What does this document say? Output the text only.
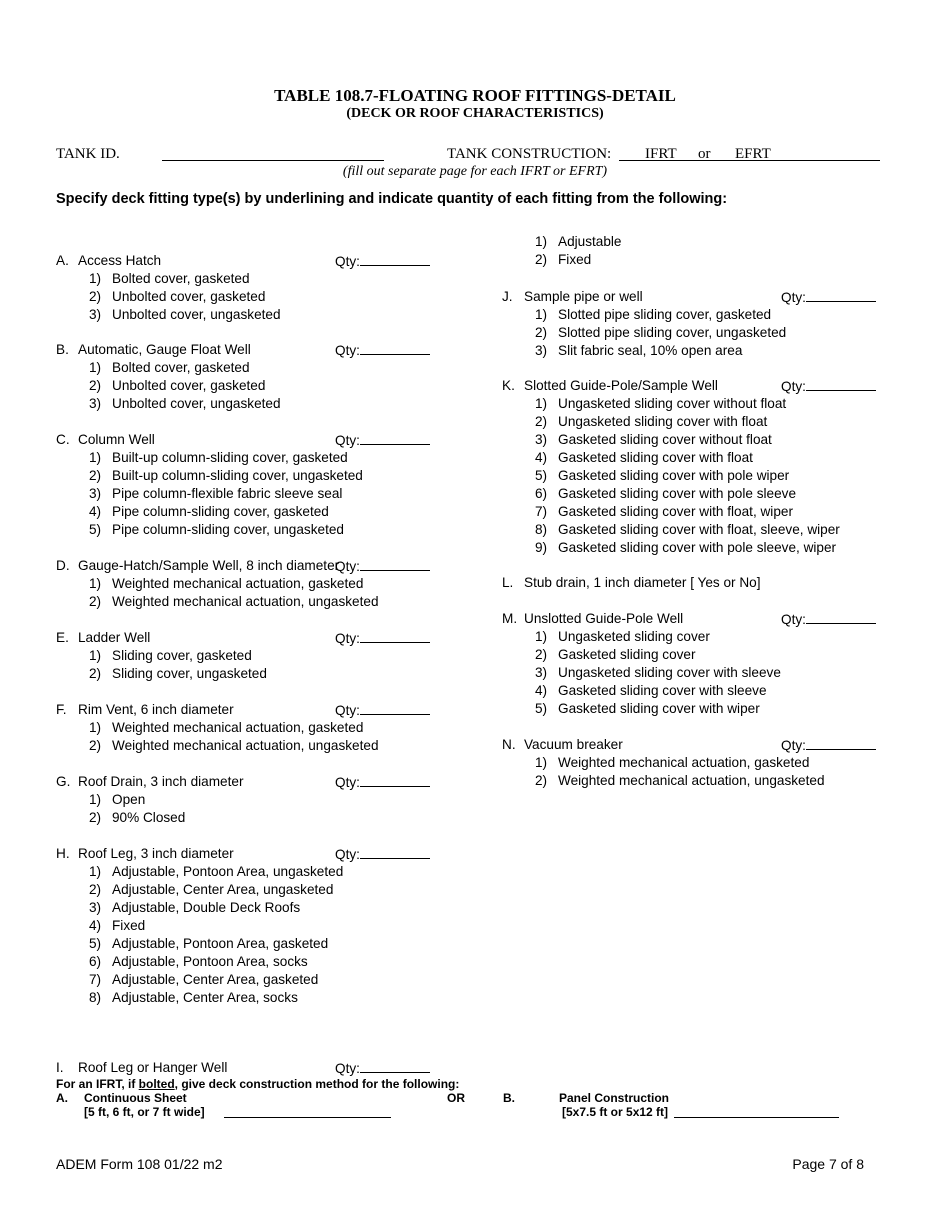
TABLE 108.7-FLOATING ROOF FITTINGS-DETAIL
(DECK OR ROOF CHARACTERISTICS)
TANK ID.	TANK CONSTRUCTION: IFRT or EFRT
(fill out separate page for each IFRT or EFRT)
Specify deck fitting type(s) by underlining and indicate quantity of each fitting from the following:
A. Access Hatch	Qty:
1) Bolted cover, gasketed
2) Unbolted cover, gasketed
3) Unbolted cover, ungasketed
B. Automatic, Gauge Float Well	Qty:
1) Bolted cover, gasketed
2) Unbolted cover, gasketed
3) Unbolted cover, ungasketed
C. Column Well	Qty:
1) Built-up column-sliding cover, gasketed
2) Built-up column-sliding cover, ungasketed
3) Pipe column-flexible fabric sleeve seal
4) Pipe column-sliding cover, gasketed
5) Pipe column-sliding cover, ungasketed
D. Gauge-Hatch/Sample Well, 8 inch diameter
Qty:
1) Weighted mechanical actuation, gasketed
2) Weighted mechanical actuation, ungasketed
E. Ladder Well	Qty:
1) Sliding cover, gasketed
2) Sliding cover, ungasketed
F. Rim Vent, 6 inch diameter	Qty:
1) Weighted mechanical actuation, gasketed
2) Weighted mechanical actuation, ungasketed
G. Roof Drain, 3 inch diameter	Qty:
1) Open
2) 90% Closed
H. Roof Leg, 3 inch diameter	Qty:
1) Adjustable, Pontoon Area, ungasketed
2) Adjustable, Center Area, ungasketed
3) Adjustable, Double Deck Roofs
4) Fixed
5) Adjustable, Pontoon Area, gasketed
6) Adjustable, Pontoon Area, socks
7) Adjustable, Center Area, gasketed
8) Adjustable, Center Area, socks
I. Roof Leg or Hanger Well	Qty:
1) Adjustable
2) Fixed
J. Sample pipe or well	Qty:
1) Slotted pipe sliding cover, gasketed
2) Slotted pipe sliding cover, ungasketed
3) Slit fabric seal, 10% open area
K. Slotted Guide-Pole/Sample Well	Qty:
1) Ungasketed sliding cover without float
2) Ungasketed sliding cover with float
3) Gasketed sliding cover without float
4) Gasketed sliding cover with float
5) Gasketed sliding cover with pole wiper
6) Gasketed sliding cover with pole sleeve
7) Gasketed sliding cover with float, wiper
8) Gasketed sliding cover with float, sleeve, wiper
9) Gasketed sliding cover with pole sleeve, wiper
L. Stub drain, 1 inch diameter [ Yes or No]
M. Unslotted Guide-Pole Well	Qty:
1) Ungasketed sliding cover
2) Gasketed sliding cover
3) Ungasketed sliding cover with sleeve
4) Gasketed sliding cover with sleeve
5) Gasketed sliding cover with wiper
N. Vacuum breaker	Qty:
1) Weighted mechanical actuation, gasketed
2) Weighted mechanical actuation, ungasketed
For an IFRT, if bolted, give deck construction method for the following:
A. Continuous Sheet
[5 ft, 6 ft, or 7 ft wide]
OR	B.	Panel Construction
[5x7.5 ft or 5x12 ft]
ADEM Form 108 01/22 m2	Page 7 of 8
